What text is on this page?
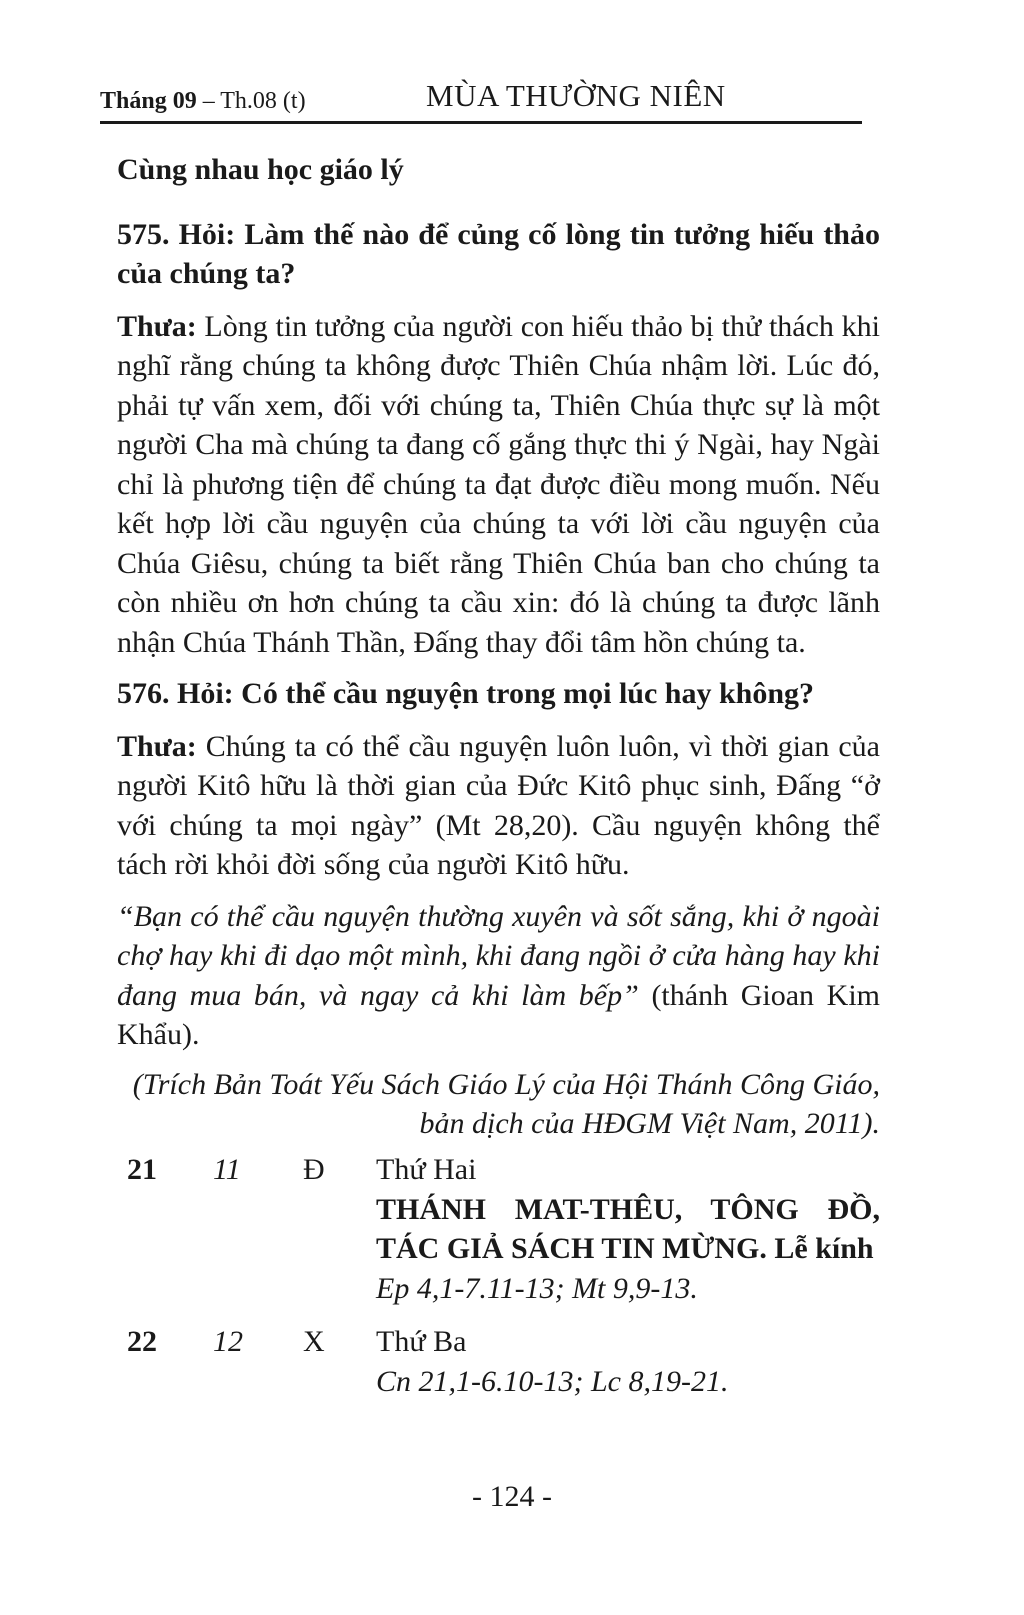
Tháng 09 – Th.08 (t)	MÙA THƯỜNG NIÊN

Cùng nhau học giáo lý

575. Hỏi: Làm thế nào để củng cố lòng tin tưởng hiếu thảo của chúng ta?

Thưa: Lòng tin tưởng của người con hiếu thảo bị thử thách khi nghĩ rằng chúng ta không được Thiên Chúa nhậm lời. Lúc đó, phải tự vấn xem, đối với chúng ta, Thiên Chúa thực sự là một người Cha mà chúng ta đang cố gắng thực thi ý Ngài, hay Ngài chỉ là phương tiện để chúng ta đạt được điều mong muốn. Nếu kết hợp lời cầu nguyện của chúng ta với lời cầu nguyện của Chúa Giêsu, chúng ta biết rằng Thiên Chúa ban cho chúng ta còn nhiều ơn hơn chúng ta cầu xin: đó là chúng ta được lãnh nhận Chúa Thánh Thần, Đấng thay đổi tâm hồn chúng ta.

576. Hỏi: Có thể cầu nguyện trong mọi lúc hay không?

Thưa: Chúng ta có thể cầu nguyện luôn luôn, vì thời gian của người Kitô hữu là thời gian của Đức Kitô phục sinh, Đấng “ở với chúng ta mọi ngày” (Mt 28,20). Cầu nguyện không thể tách rời khỏi đời sống của người Kitô hữu.

“Bạn có thể cầu nguyện thường xuyên và sốt sắng, khi ở ngoài chợ hay khi đi dạo một mình, khi đang ngồi ở cửa hàng hay khi đang mua bán, và ngay cả khi làm bếp” (thánh Gioan Kim Khẩu).

(Trích Bản Toát Yếu Sách Giáo Lý của Hội Thánh Công Giáo,
bản dịch của HĐGM Việt Nam, 2011).

21 11 Đ Thứ Hai
THÁNH MAT-THÊU, TÔNG ĐỒ, TÁC GIẢ SÁCH TIN MỪNG. Lễ kính
Ep 4,1-7.11-13; Mt 9,9-13.
22 12 X Thứ Ba
Cn 21,1-6.10-13; Lc 8,19-21.
- 124 -
